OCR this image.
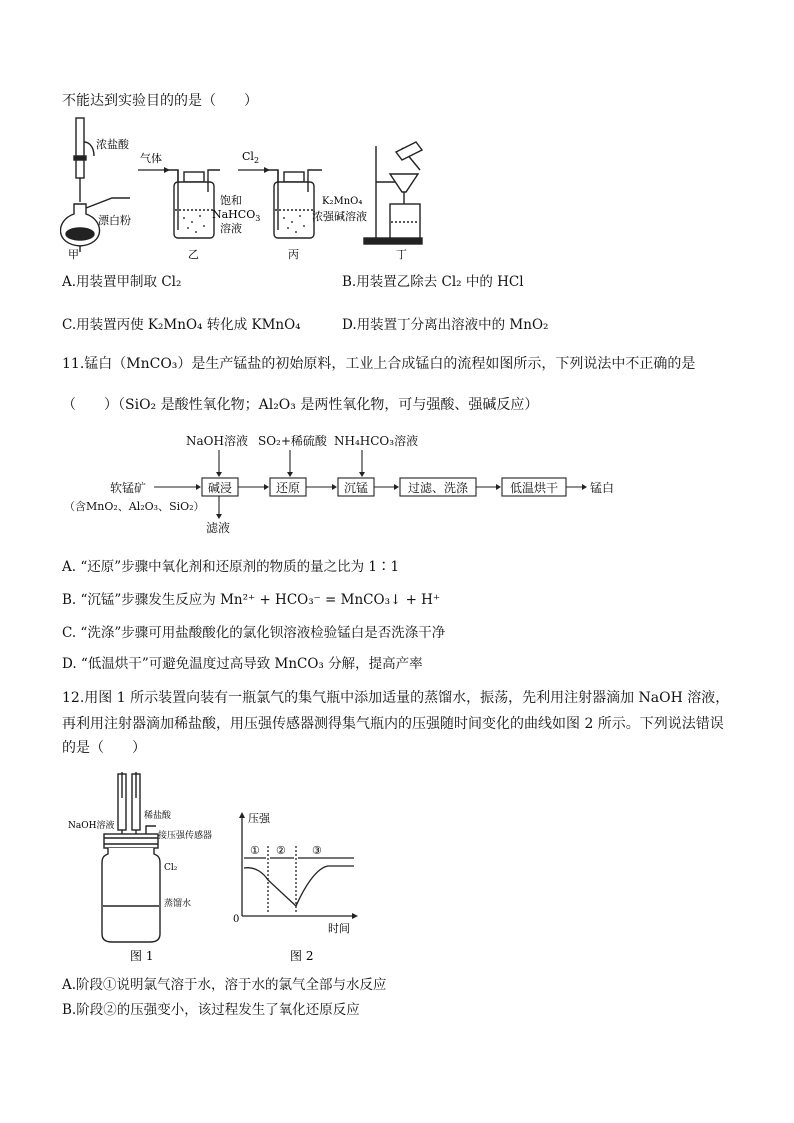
不能达到实验目的的是（　　）
浓盐酸
漂白粉
甲
气体
饱和
NaHCO$_3$
溶液
乙
$Cl_2$
K₂MnO₄
浓强碱溶液
丙	丁
A.用装置甲制取 Cl₂	B.用装置乙除去 Cl₂ 中的 HCl
C.用装置丙使 K₂MnO₄ 转化成 KMnO₄	D.用装置丁分离出溶液中的 MnO₂
11.锰白（MnCO₃）是生产锰盐的初始原料，工业上合成锰白的流程如图所示，下列说法中不正确的是
（　　）（SiO₂ 是酸性氧化物；Al₂O₃ 是两性氧化物，可与强酸、强碱反应）
NaOH溶液 SO₂+稀硫酸 NH₄HCO₃溶液
软锰矿
（含MnO₂、Al₂O₃、SiO₂）
滤液
锰白
碱浸	还原	沉锰	过滤、洗涤	低温烘干
A. “还原”步骤中氧化剂和还原剂的物质的量之比为 1∶1
B. “沉锰”步骤发生反应为 Mn²⁺ + HCO₃⁻ = MnCO₃↓ + H⁺
C. “洗涤”步骤可用盐酸酸化的氯化钡溶液检验锰白是否洗涤干净
D. “低温烘干”可避免温度过高导致 MnCO₃ 分解，提高产率
12.用图 1 所示装置向装有一瓶氯气的集气瓶中添加适量的蒸馏水，振荡，先利用注射器滴加 NaOH 溶液，
再利用注射器滴加稀盐酸，用压强传感器测得集气瓶内的压强随时间变化的曲线如图 2 所示。下列说法错误
的是（　　）
NaOH溶液
稀盐酸
接压强传感器
Cl₂
蒸馏水
图 1
压强
时间
0
① ② ③
图 2
A.阶段①说明氯气溶于水，溶于水的氯气全部与水反应
B.阶段②的压强变小，该过程发生了氧化还原反应
